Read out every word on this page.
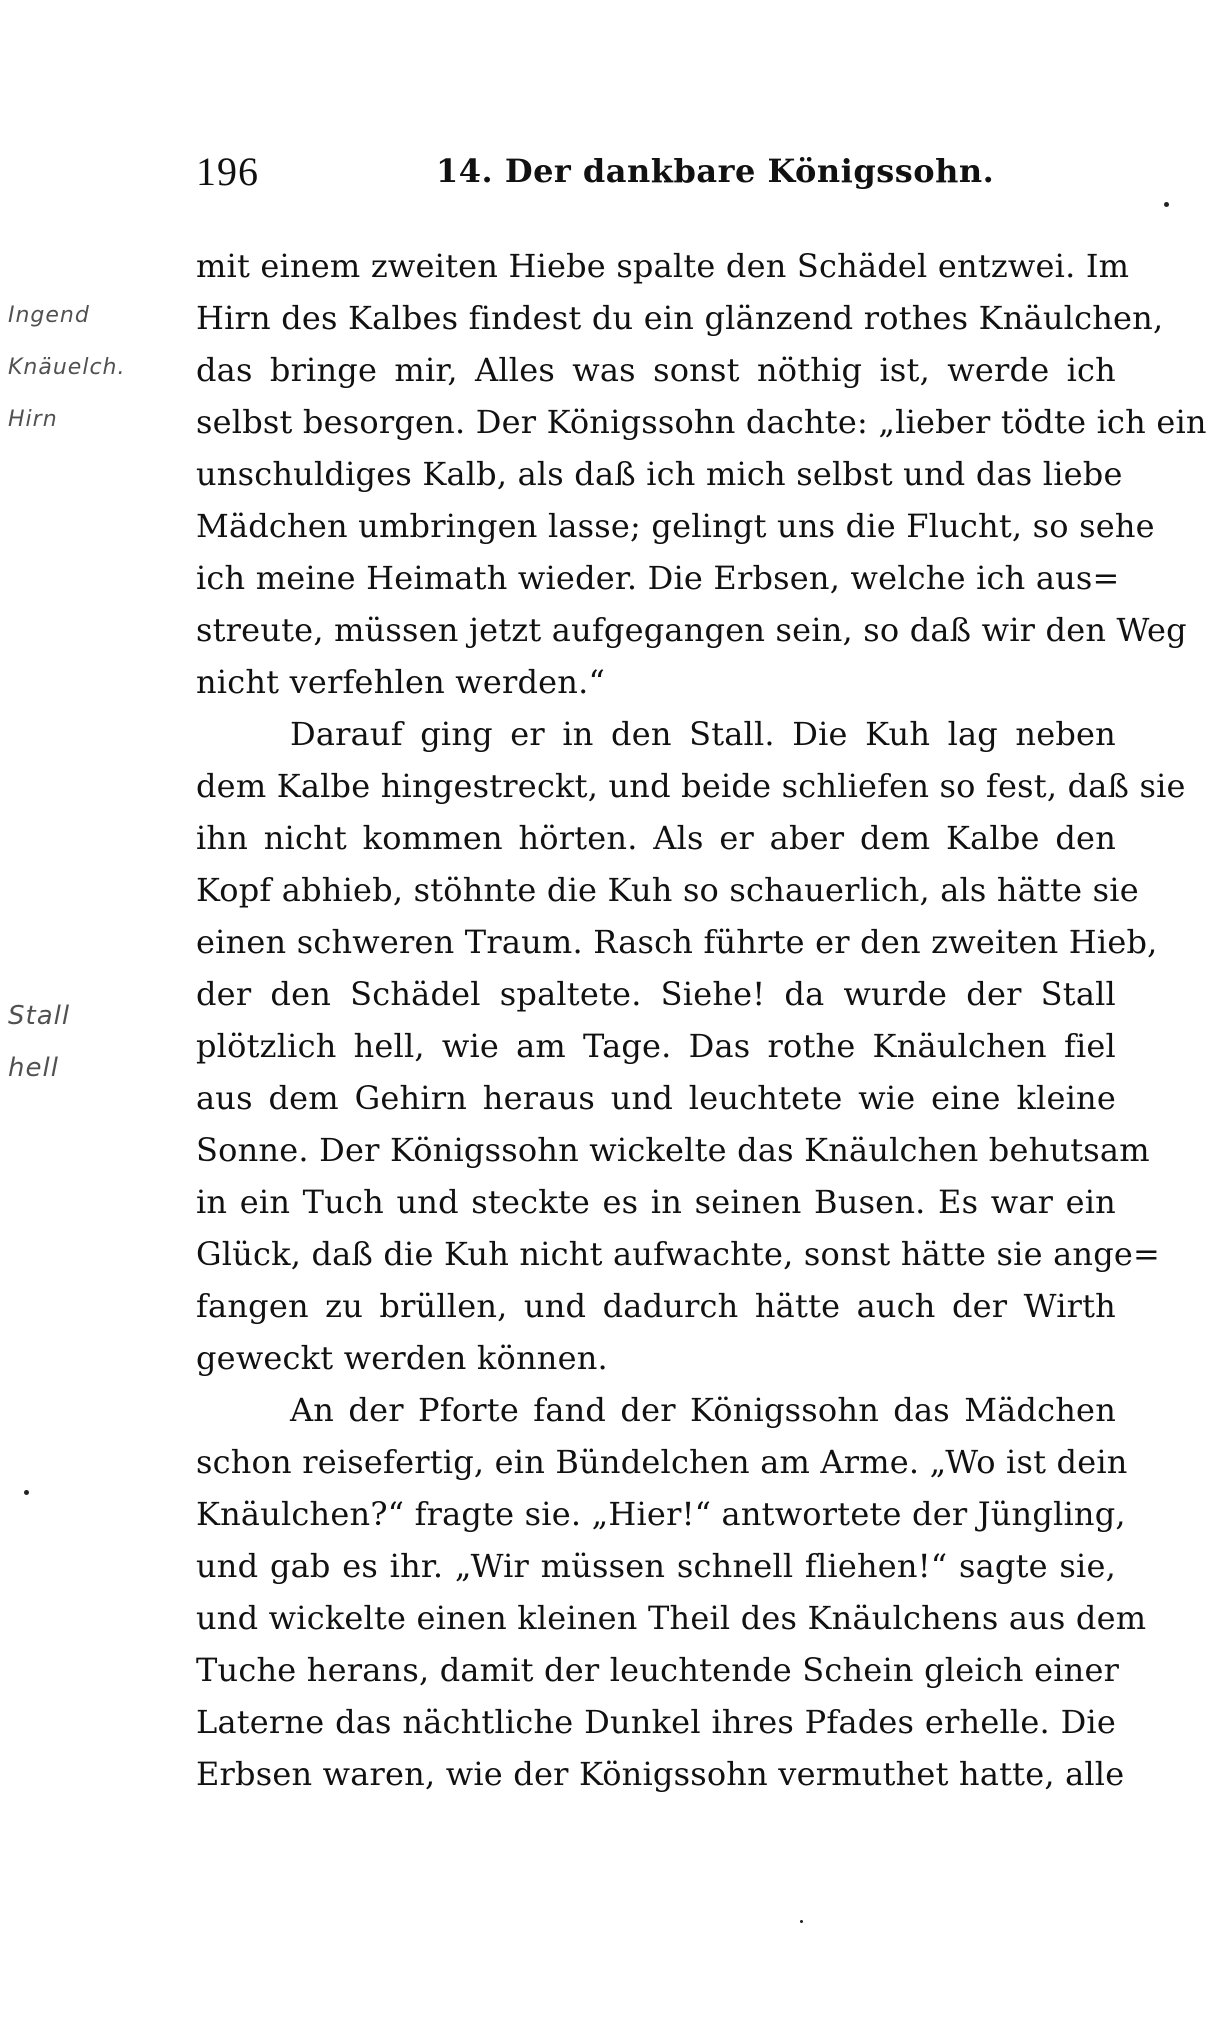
196	14. Der dankbare Königssohn.
Ingend
Knäuelch.
Hirn
Stall
hell
mit einem zweiten Hiebe spalte den Schädel entzwei. Im
Hirn des Kalbes findest du ein glänzend rothes Knäulchen,
das bringe mir, Alles was sonst nöthig ist, werde ich
selbst besorgen. Der Königssohn dachte: „lieber tödte ich ein
unschuldiges Kalb, als daß ich mich selbst und das liebe
Mädchen umbringen lasse; gelingt uns die Flucht, so sehe
ich meine Heimath wieder. Die Erbsen, welche ich aus=
streute, müssen jetzt aufgegangen sein, so daß wir den Weg
nicht verfehlen werden.“
Darauf ging er in den Stall. Die Kuh lag neben
dem Kalbe hingestreckt, und beide schliefen so fest, daß sie
ihn nicht kommen hörten. Als er aber dem Kalbe den
Kopf abhieb, stöhnte die Kuh so schauerlich, als hätte sie
einen schweren Traum. Rasch führte er den zweiten Hieb,
der den Schädel spaltete. Siehe! da wurde der Stall
plötzlich hell, wie am Tage. Das rothe Knäulchen fiel
aus dem Gehirn heraus und leuchtete wie eine kleine
Sonne. Der Königssohn wickelte das Knäulchen behutsam
in ein Tuch und steckte es in seinen Busen. Es war ein
Glück, daß die Kuh nicht aufwachte, sonst hätte sie ange=
fangen zu brüllen, und dadurch hätte auch der Wirth
geweckt werden können.
An der Pforte fand der Königssohn das Mädchen
schon reisefertig, ein Bündelchen am Arme. „Wo ist dein
Knäulchen?“ fragte sie. „Hier!“ antwortete der Jüngling,
und gab es ihr. „Wir müssen schnell fliehen!“ sagte sie,
und wickelte einen kleinen Theil des Knäulchens aus dem
Tuche herans, damit der leuchtende Schein gleich einer
Laterne das nächtliche Dunkel ihres Pfades erhelle. Die
Erbsen waren, wie der Königssohn vermuthet hatte, alle
